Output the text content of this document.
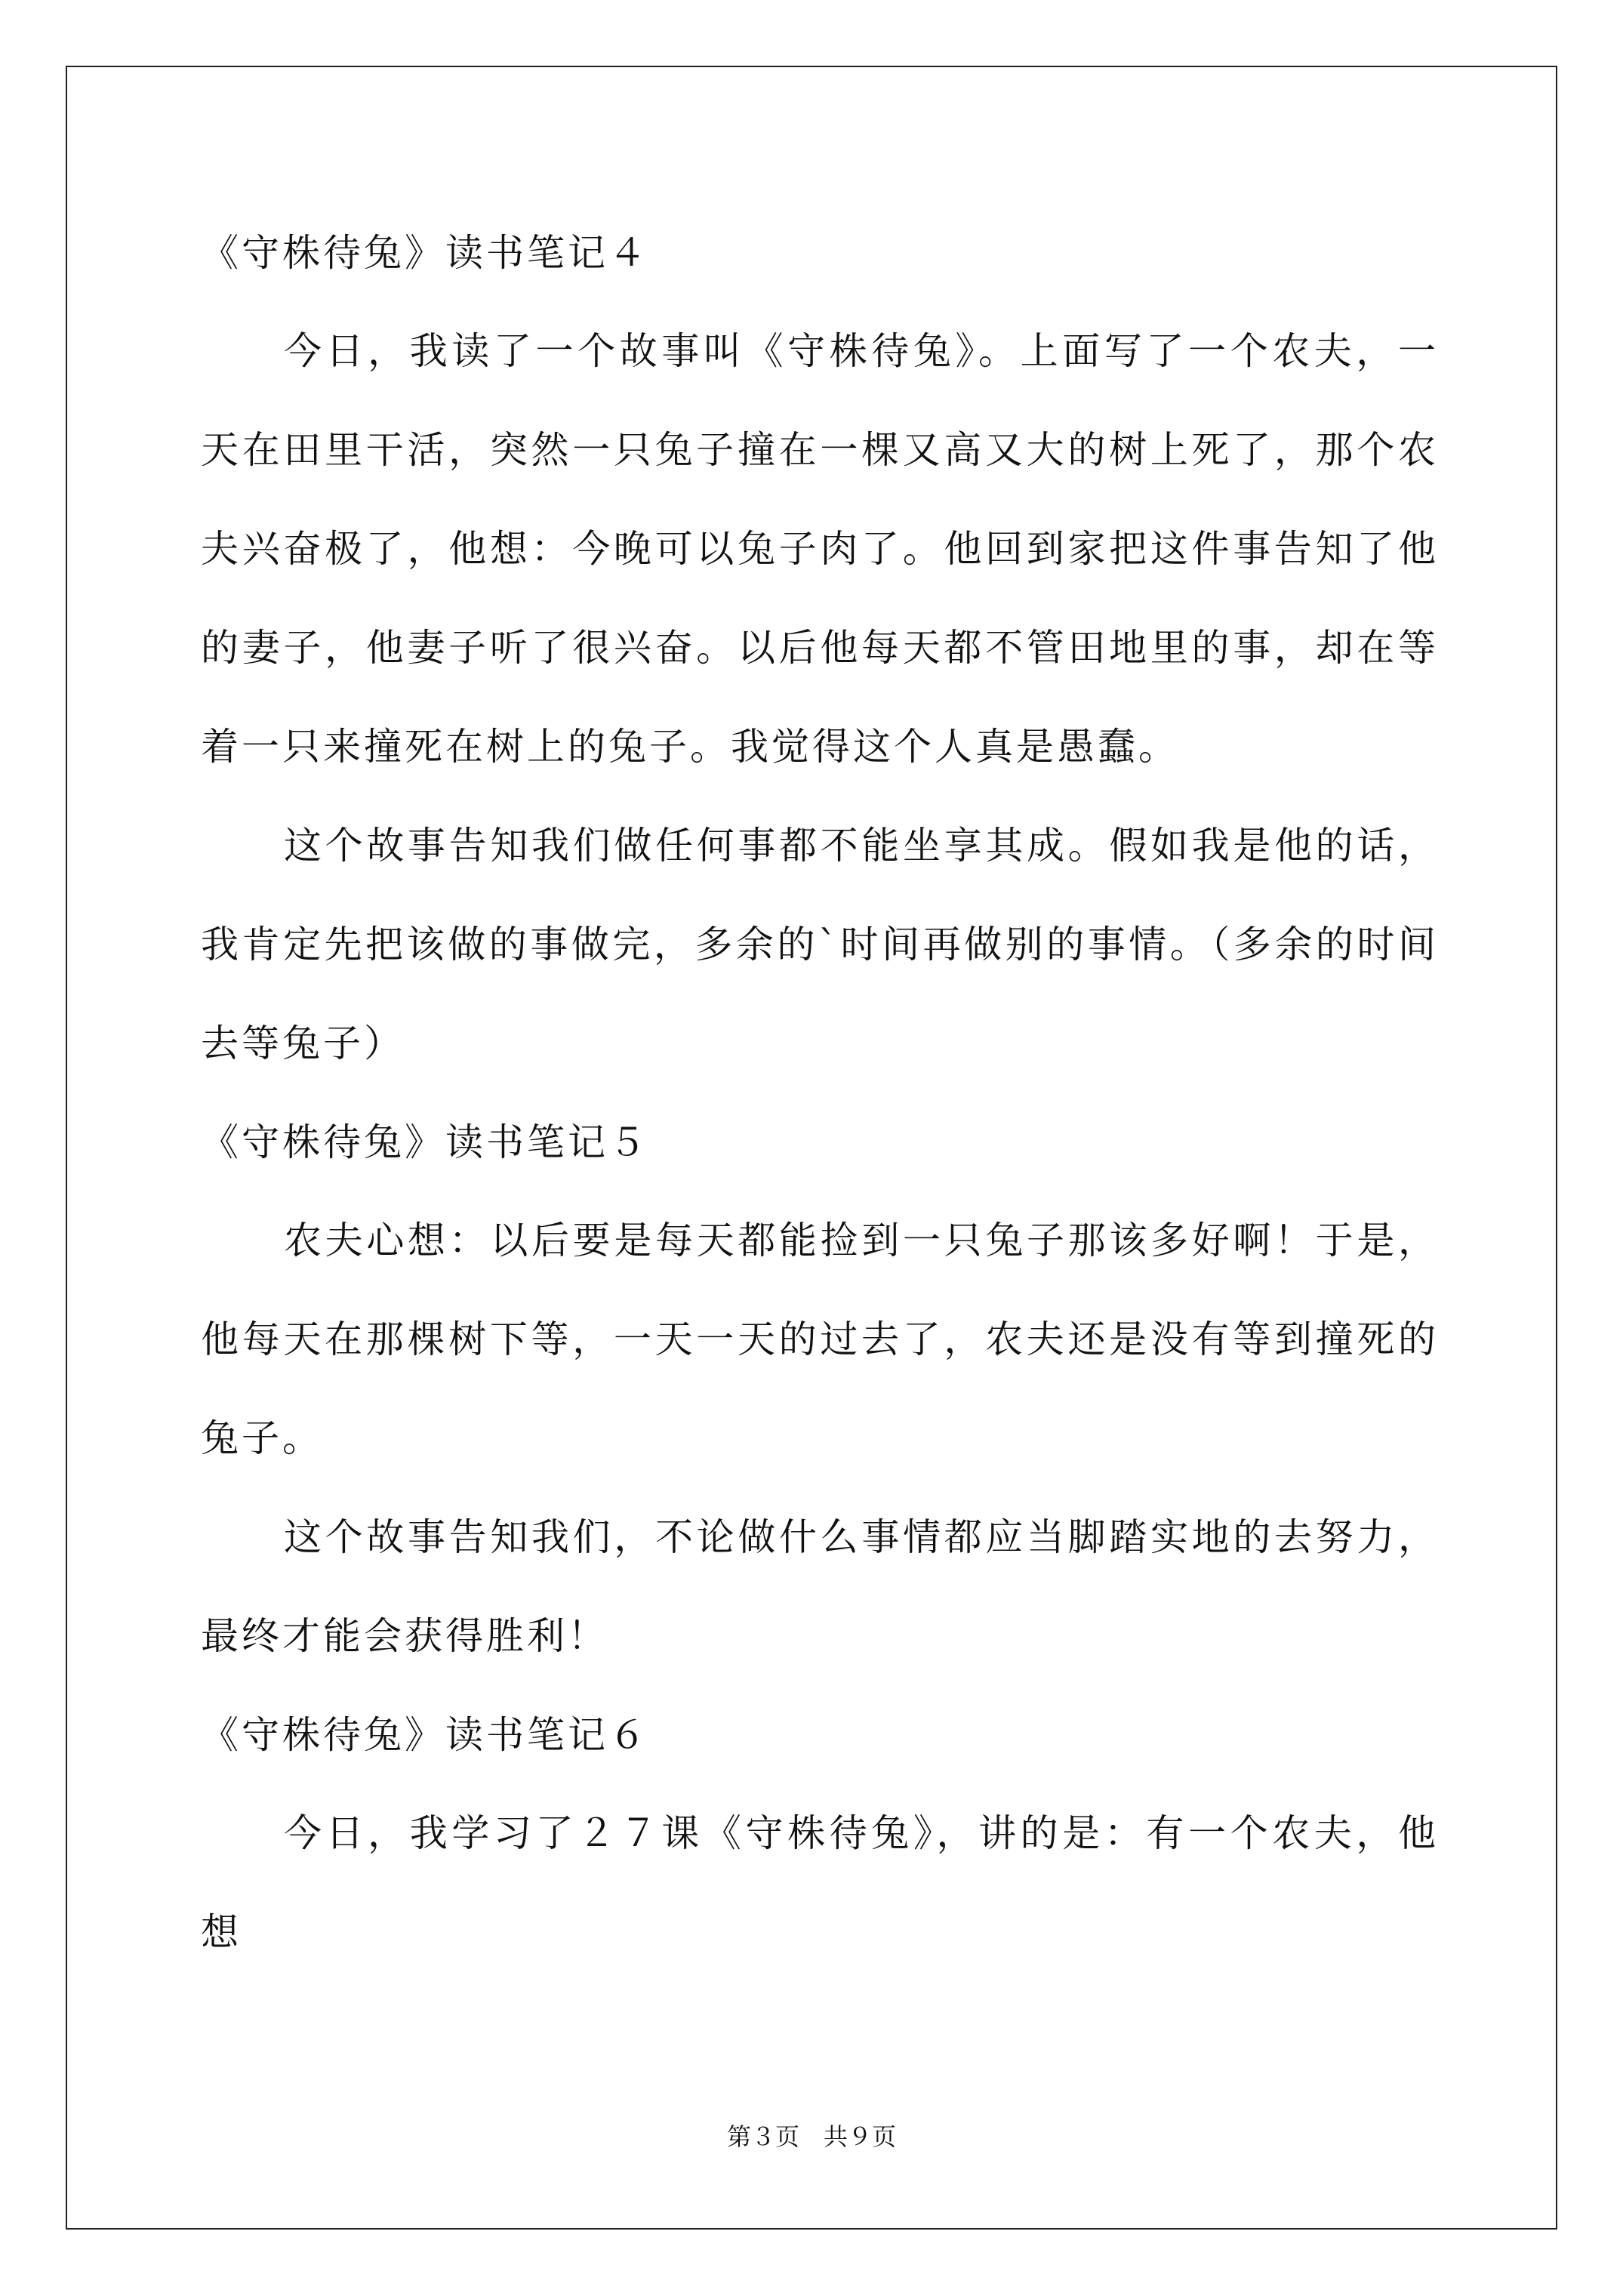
《守株待兔》读书笔记４

今日，我读了一个故事叫《守株待兔》。上面写了一个农夫，一天在田里干活，突然一只兔子撞在一棵又高又大的树上死了，那个农夫兴奋极了，他想：今晚可以兔子肉了。他回到家把这件事告知了他的妻子，他妻子听了很兴奋。以后他每天都不管田地里的事，却在等着一只来撞死在树上的兔子。我觉得这个人真是愚蠢。

这个故事告知我们做任何事都不能坐享其成。假如我是他的话，我肯定先把该做的事做完，多余的`时间再做别的事情。（多余的时间去等兔子）

《守株待兔》读书笔记５

农夫心想：以后要是每天都能捡到一只兔子那该多好啊！于是，他每天在那棵树下等，一天一天的过去了，农夫还是没有等到撞死的兔子。

这个故事告知我们，不论做什么事情都应当脚踏实地的去努力，最终才能会获得胜利！

《守株待兔》读书笔记６

今日，我学习了２７课《守株待兔》，讲的是：有一个农夫，他想

第３页　共９页
